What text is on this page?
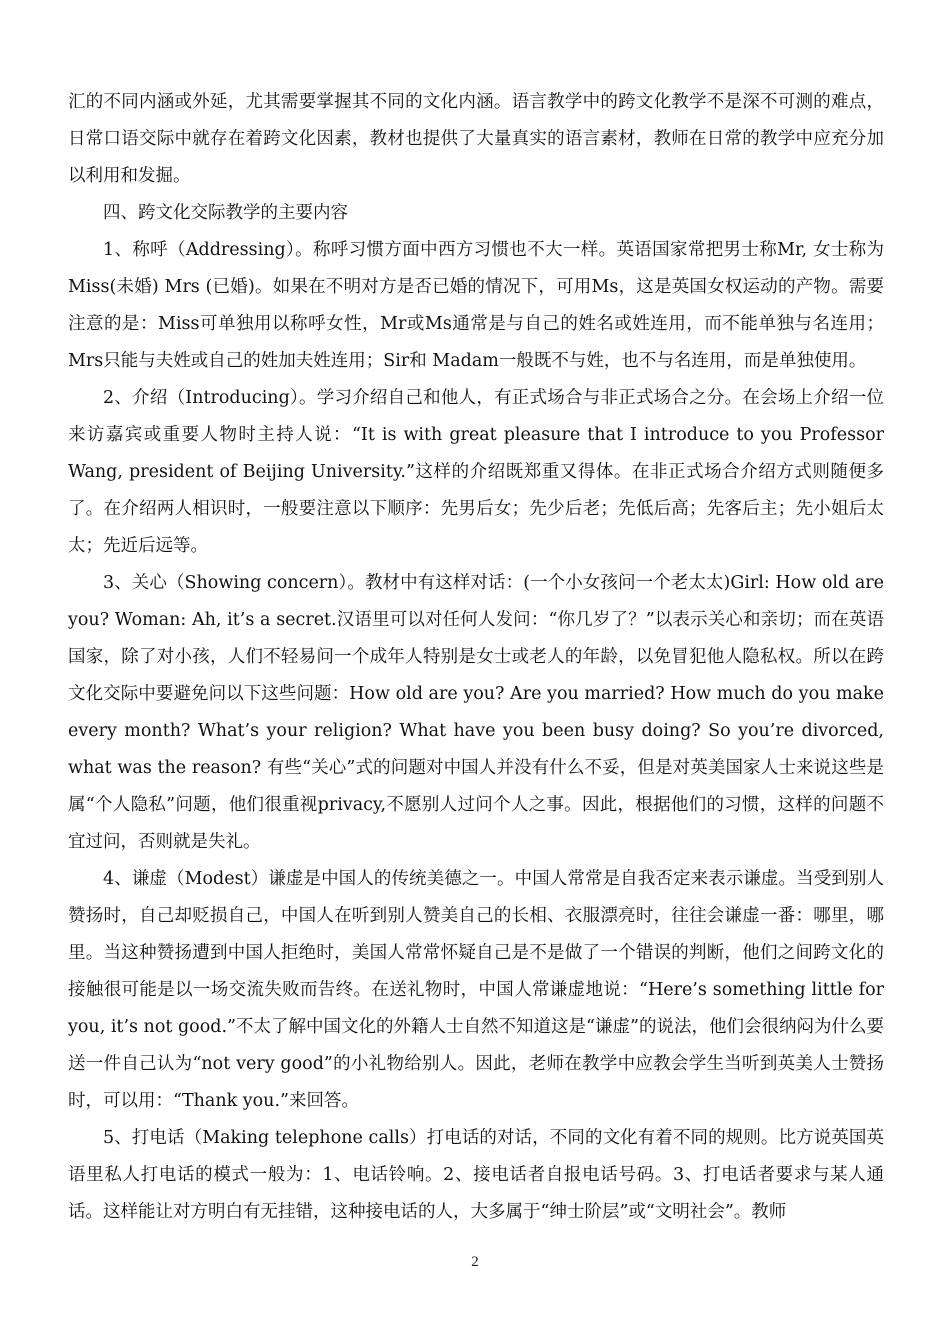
汇的不同内涵或外延，尤其需要掌握其不同的文化内涵。语言教学中的跨文化教学不是深不可测的难点，日常口语交际中就存在着跨文化因素，教材也提供了大量真实的语言素材，教师在日常的教学中应充分加以利用和发掘。

四、跨文化交际教学的主要内容

1、称呼（Addressing）。称呼习惯方面中西方习惯也不大一样。英语国家常把男士称Mr, 女士称为Miss(未婚) Mrs (已婚)。如果在不明对方是否已婚的情况下，可用Ms，这是英国女权运动的产物。需要注意的是：Miss可单独用以称呼女性，Mr或Ms通常是与自己的姓名或姓连用，而不能单独与名连用；Mrs只能与夫姓或自己的姓加夫姓连用；Sir和 Madam一般既不与姓，也不与名连用，而是单独使用。

2、介绍（Introducing）。学习介绍自己和他人，有正式场合与非正式场合之分。在会场上介绍一位来访嘉宾或重要人物时主持人说：“It is with great pleasure that I introduce to you Professor Wang, president of Beijing University.”这样的介绍既郑重又得体。在非正式场合介绍方式则随便多了。在介绍两人相识时，一般要注意以下顺序：先男后女；先少后老；先低后高；先客后主；先小姐后太太；先近后远等。

3、关心（Showing concern）。教材中有这样对话：(一个小女孩问一个老太太)Girl: How old are you? Woman: Ah, it’s a secret.汉语里可以对任何人发问：“你几岁了？”以表示关心和亲切；而在英语国家，除了对小孩，人们不轻易问一个成年人特别是女士或老人的年龄，以免冒犯他人隐私权。所以在跨文化交际中要避免问以下这些问题：How old are you? Are you married? How much do you make every month? What’s your religion? What have you been busy doing? So you’re divorced, what was the reason? 有些“关心”式的问题对中国人并没有什么不妥，但是对英美国家人士来说这些是属“个人隐私”问题，他们很重视privacy,不愿别人过问个人之事。因此，根据他们的习惯，这样的问题不宜过问，否则就是失礼。

4、谦虚（Modest）谦虚是中国人的传统美德之一。中国人常常是自我否定来表示谦虚。当受到别人赞扬时，自己却贬损自己，中国人在听到别人赞美自己的长相、衣服漂亮时，往往会谦虚一番：哪里，哪里。当这种赞扬遭到中国人拒绝时，美国人常常怀疑自己是不是做了一个错误的判断，他们之间跨文化的接触很可能是以一场交流失败而告终。在送礼物时，中国人常谦虚地说：“Here’s something little for you, it’s not good.”不太了解中国文化的外籍人士自然不知道这是“谦虚”的说法，他们会很纳闷为什么要送一件自己认为“not very good”的小礼物给别人。因此，老师在教学中应教会学生当听到英美人士赞扬时，可以用：“Thank you.”来回答。

5、打电话（Making telephone calls）打电话的对话，不同的文化有着不同的规则。比方说英国英语里私人打电话的模式一般为：1、电话铃响。2、接电话者自报电话号码。3、打电话者要求与某人通话。这样能让对方明白有无挂错，这种接电话的人，大多属于“绅士阶层”或“文明社会”。教师

2
